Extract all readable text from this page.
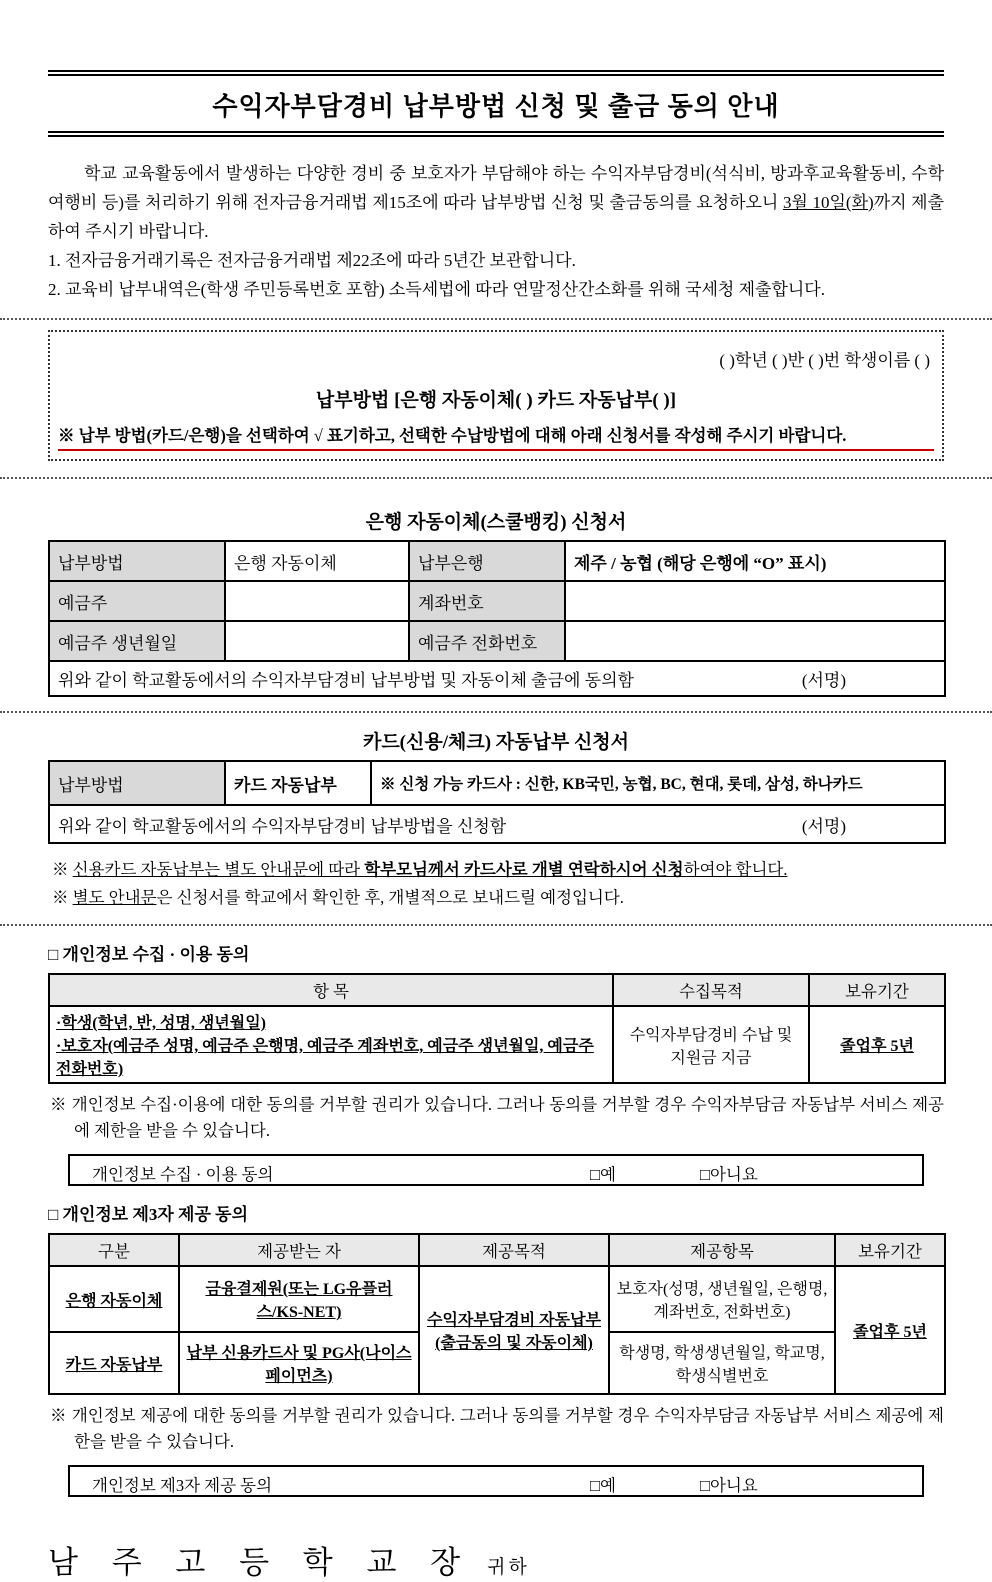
수익자부담경비 납부방법 신청 및 출금 동의 안내

학교 교육활동에서 발생하는 다양한 경비 중 보호자가 부담해야 하는 수익자부담경비(석식비, 방과후교육활동비, 수학여행비 등)를 처리하기 위해 전자금융거래법 제15조에 따라 납부방법 신청 및 출금동의를 요청하오니 3월 10일(화)까지 제출하여 주시기 바랍니다.

1. 전자금융거래기록은 전자금융거래법 제22조에 따라 5년간 보관합니다.

2. 교육비 납부내역은(학생 주민등록번호 포함) 소득세법에 따라 연말정산간소화를 위해 국세청 제출합니다.

( )학년 ( )반 ( )번 학생이름 ( )
납부방법 [은행 자동이체( ) 카드 자동납부( )]
※ 납부 방법(카드/은행)을 선택하여 √ 표기하고, 선택한 수납방법에 대해 아래 신청서를 작성해 주시기 바랍니다.
은행 자동이체(스쿨뱅킹) 신청서
납부방법	은행 자동이체	납부은행	제주 / 농협 (해당 은행에 “O” 표시)
예금주		계좌번호	
예금주 생년월일		예금주 전화번호	

위와 같이 학교활동에서의 수익자부담경비 납부방법 및 자동이체 출금에 동의함 (서명)			
카드(신용/체크) 자동납부 신청서
납부방법	카드 자동납부	※ 신청 가능 카드사 : 신한, KB국민, 농협, BC, 현대, 롯데, 삼성, 하나카드

위와 같이 학교활동에서의 수익자부담경비 납부방법을 신청함	(서명)
※ 신용카드 자동납부는 별도 안내문에 따라 학부모님께서 카드사로 개별 연락하시어 신청하여야 합니다.
※ 별도 안내문은 신청서를 학교에서 확인한 후, 개별적으로 보내드릴 예정입니다.
□ 개인정보 수집 · 이용 동의
항 목	수집목적	보유기간
·학생(학년, 반, 성명, 생년월일)
·보호자(예금주 성명, 예금주 은행명, 예금주 계좌번호, 예금주 생년월일, 예금주 전화번호)	수익자부담경비 수납 및 지원금 지금	졸업후 5년
※ 개인정보 수집·이용에 대한 동의를 거부할 권리가 있습니다. 그러나 동의를 거부할 경우 수익자부담금 자동납부 서비스 제공에 제한을 받을 수 있습니다.
개인정보 수집 · 이용 동의	□예	□아니요
□ 개인정보 제3자 제공 동의
구분	제공받는 자	제공목적	제공항목	보유기간
은행 자동이체	금융결제원(또는 LG유플러스/KS-NET)	수익자부담경비 자동납부
(출금동의 및 자동이체)	보호자(성명, 생년월일, 은행명, 계좌번호, 전화번호)	졸업후 5년
카드 자동납부	납부 신용카드사 및 PG사(나이스페이먼츠)		학생명, 학생생년월일, 학교명, 학생식별번호	
※ 개인정보 제공에 대한 동의를 거부할 권리가 있습니다. 그러나 동의를 거부할 경우 수익자부담금 자동납부 서비스 제공에 제한을 받을 수 있습니다.
개인정보 제3자 제공 동의	□예	□아니요
남 주 고 등 학 교 장 귀하
